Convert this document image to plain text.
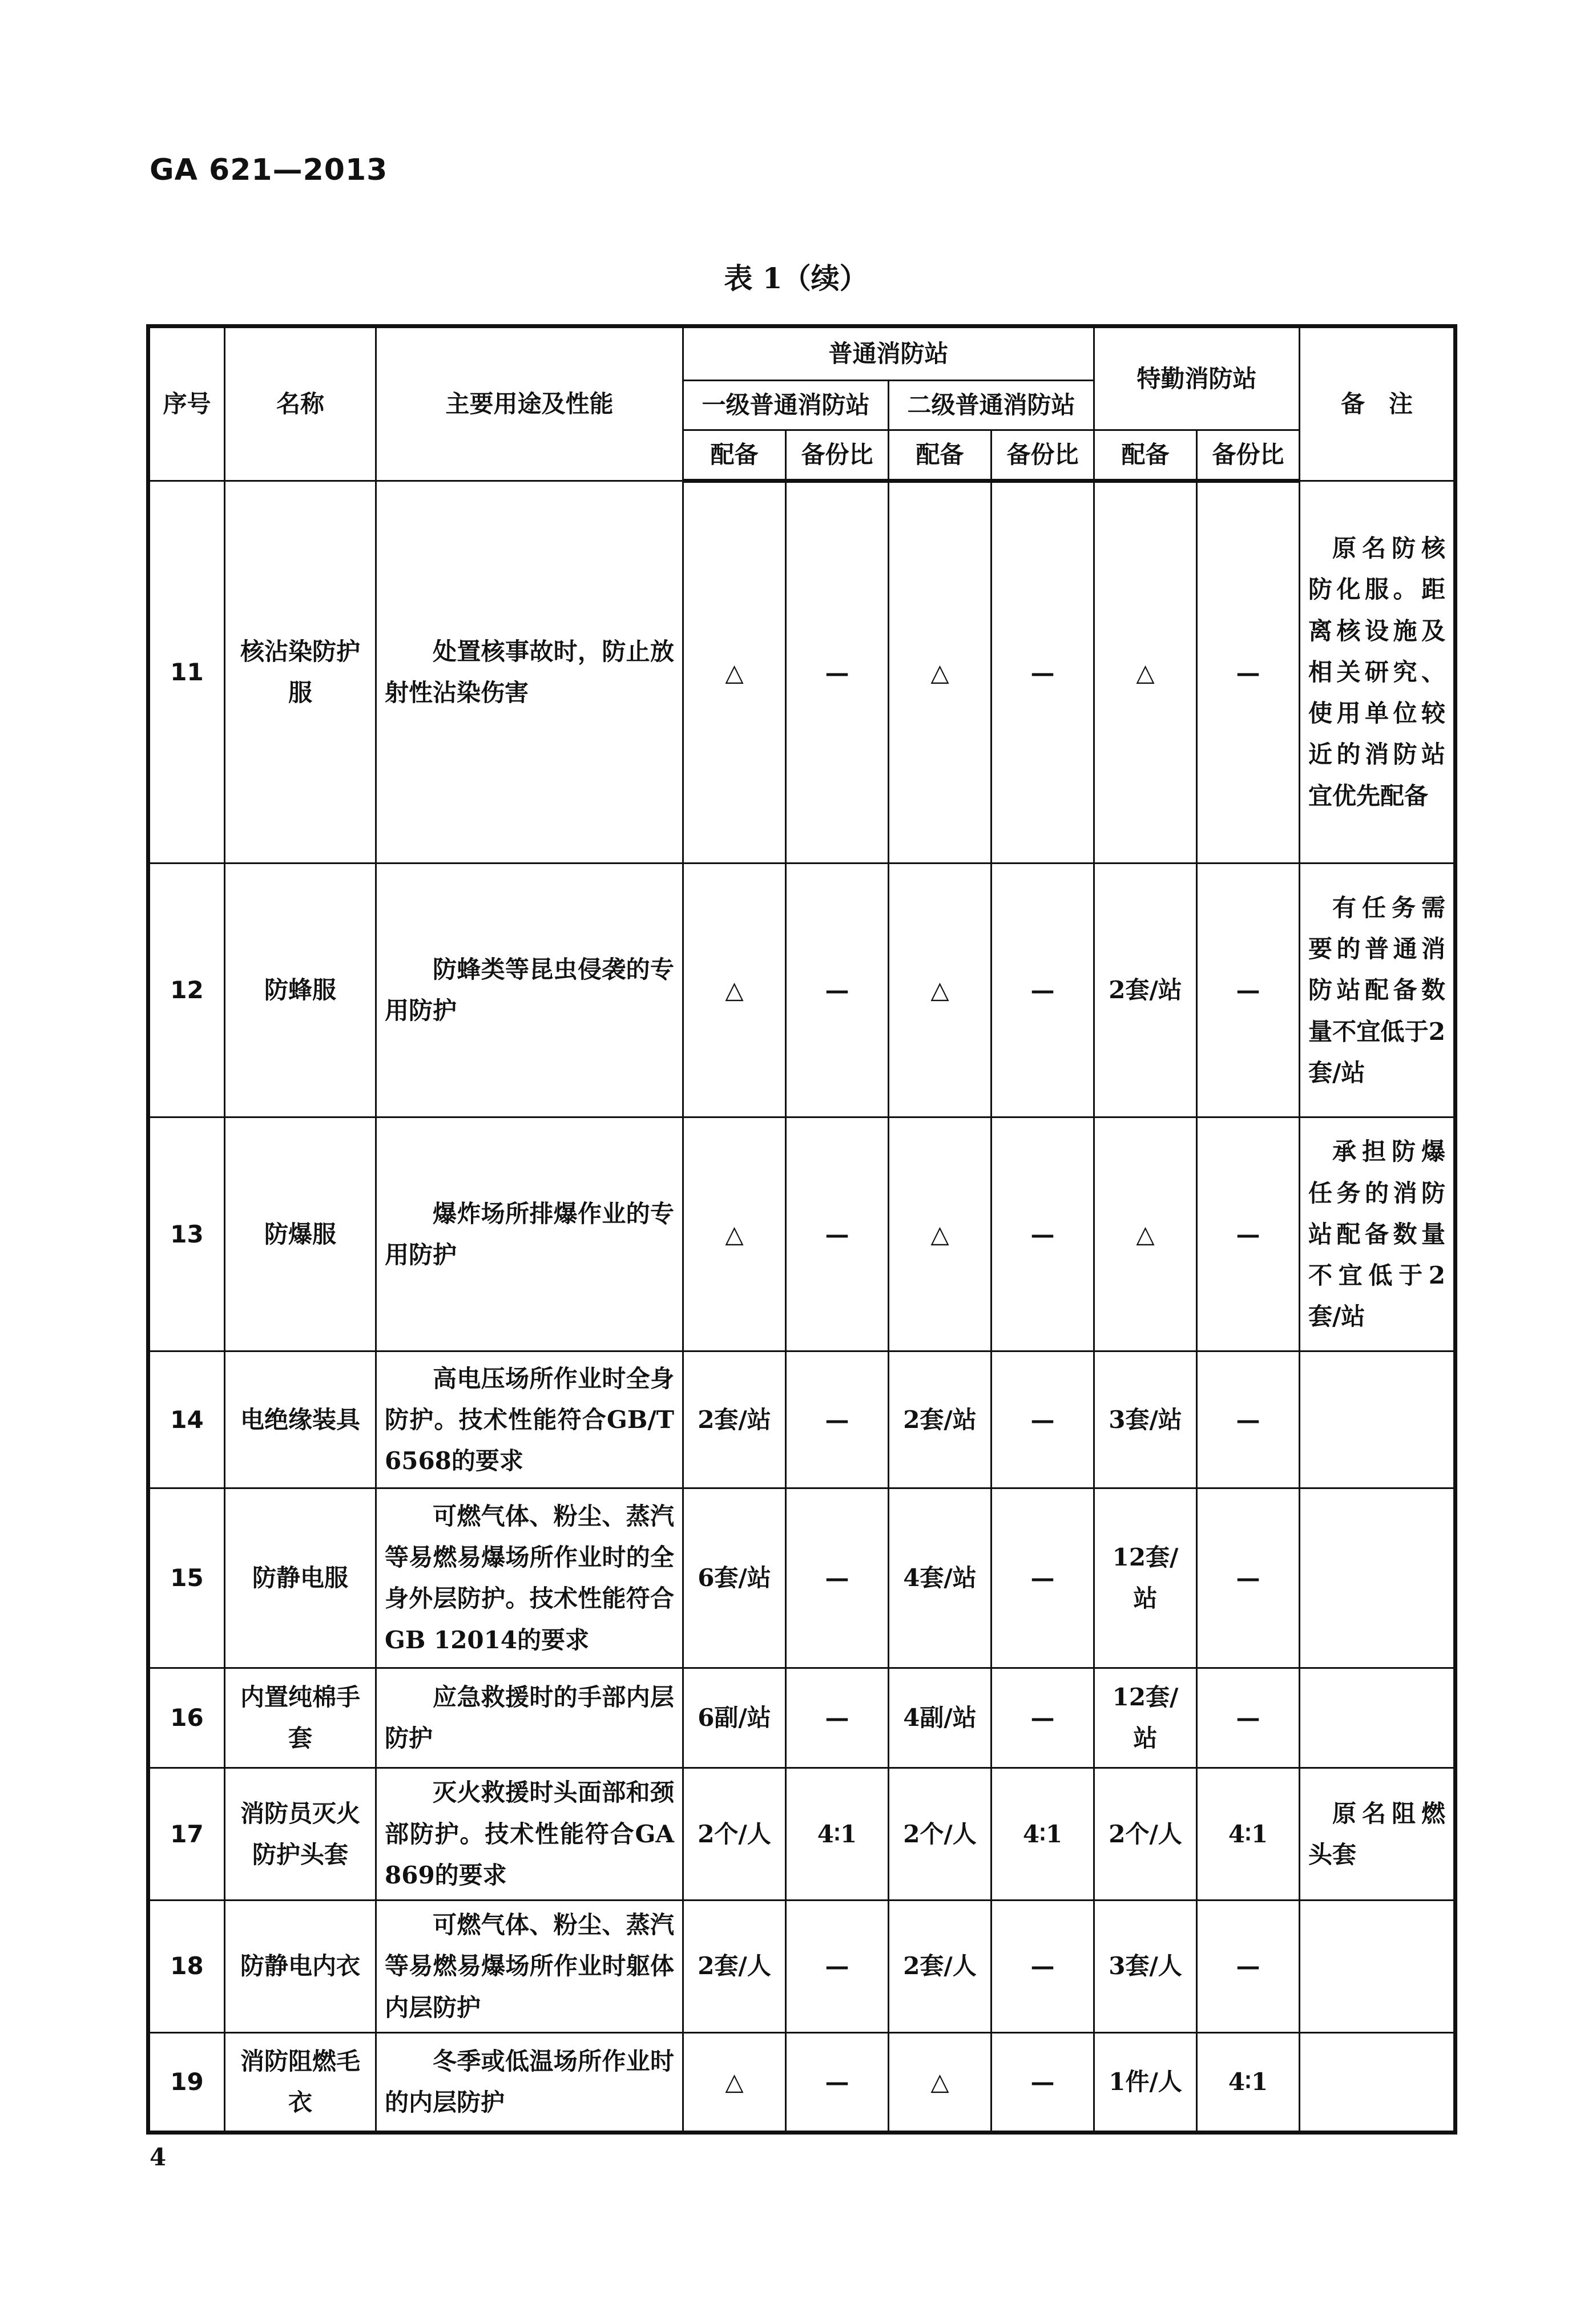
GA 621—2013
表 1（续）
序号	名称	主要用途及性能	普通消防站				特勤消防站		备　注
			一级普通消防站		二级普通消防站				
			配备	备份比	配备	备份比	配备	备份比	
11	核沾染防护服	处置核事故时，防止放射性沾染伤害	△	—	△	—	△	—	原名防核防化服。距离核设施及相关研究、使用单位较近的消防站宜优先配备

12	防蜂服	防蜂类等昆虫侵袭的专用防护	△	—	△	—	2套/站	—	有任务需要的普通消防站配备数量不宜低于2套/站

13	防爆服	爆炸场所排爆作业的专用防护	△	—	△	—	△	—	承担防爆任务的消防站配备数量不宜低于2套/站

14	电绝缘装具	高电压场所作业时全身防护。技术性能符合GB/T 6568的要求	2套/站	—	2套/站	—	3套/站	—	
15	防静电服	可燃气体、粉尘、蒸汽等易燃易爆场所作业时的全身外层防护。技术性能符合GB 12014的要求	6套/站	—	4套/站	—	12套/站	—	
16	内置纯棉手套	应急救援时的手部内层防护	6副/站	—	4副/站	—	12套/站	—	
17	消防员灭火防护头套	灭火救援时头面部和颈部防护。技术性能符合GA 869的要求	2个/人	4∶1	2个/人	4∶1	2个/人	4∶1	原名阻燃头套

18	防静电内衣	可燃气体、粉尘、蒸汽等易燃易爆场所作业时躯体内层防护	2套/人	—	2套/人	—	3套/人	—	
19	消防阻燃毛衣	冬季或低温场所作业时的内层防护	△	—	△	—	1件/人	4∶1	
4
